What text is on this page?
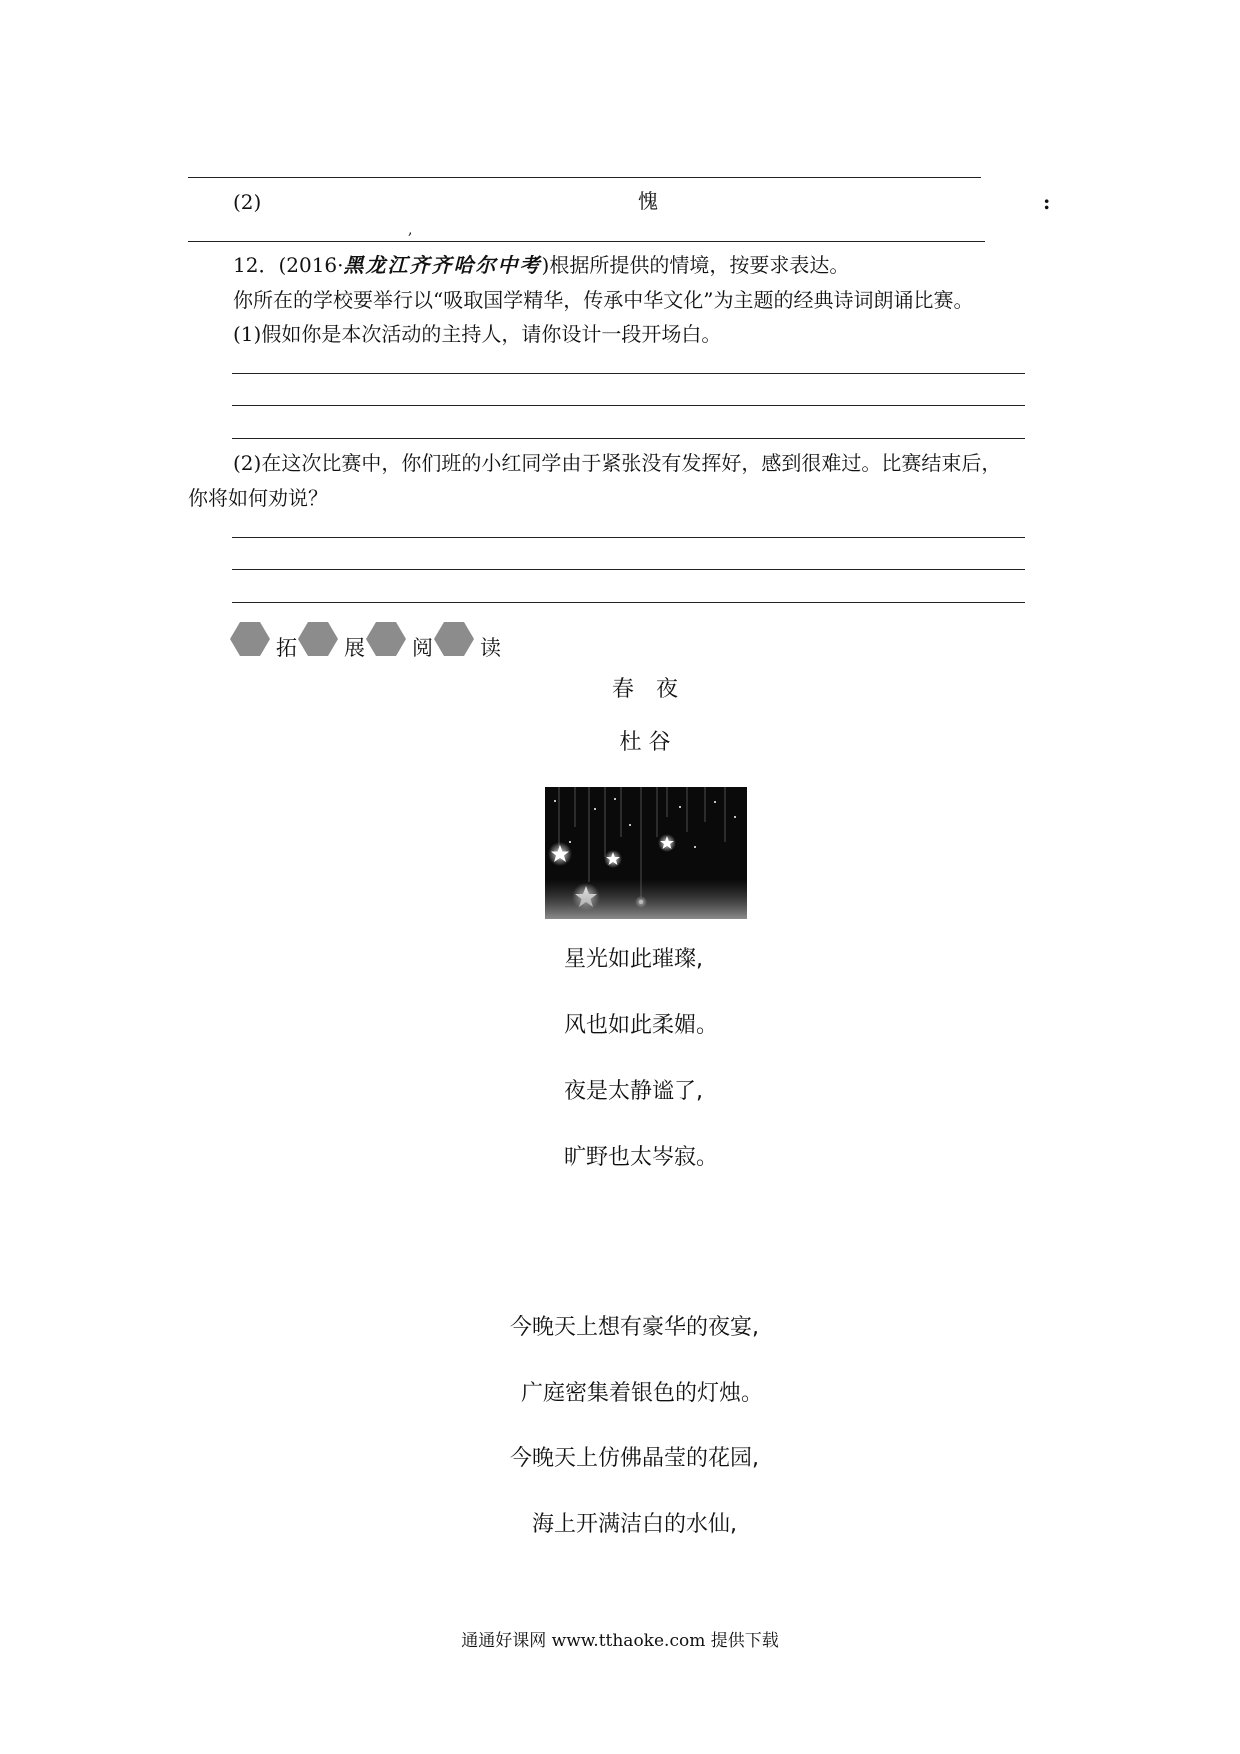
(2)	愧	:
,
12．(2016·黑龙江齐齐哈尔中考)根据所提供的情境，按要求表达。
你所在的学校要举行以“吸取国学精华，传承中华文化”为主题的经典诗词朗诵比赛。
(1)假如你是本次活动的主持人，请你设计一段开场白。
(2)在这次比赛中，你们班的小红同学由于紧张没有发挥好，感到很难过。比赛结束后，
你将如何劝说？
拓 展 阅 读
春　夜
杜 谷
星光如此璀璨,
风也如此柔媚。
夜是太静谧了,
旷野也太岑寂。
今晚天上想有豪华的夜宴,
广庭密集着银色的灯烛。
今晚天上仿佛晶莹的花园,
海上开满洁白的水仙,
通通好课网 www.tthaoke.com 提供下载
